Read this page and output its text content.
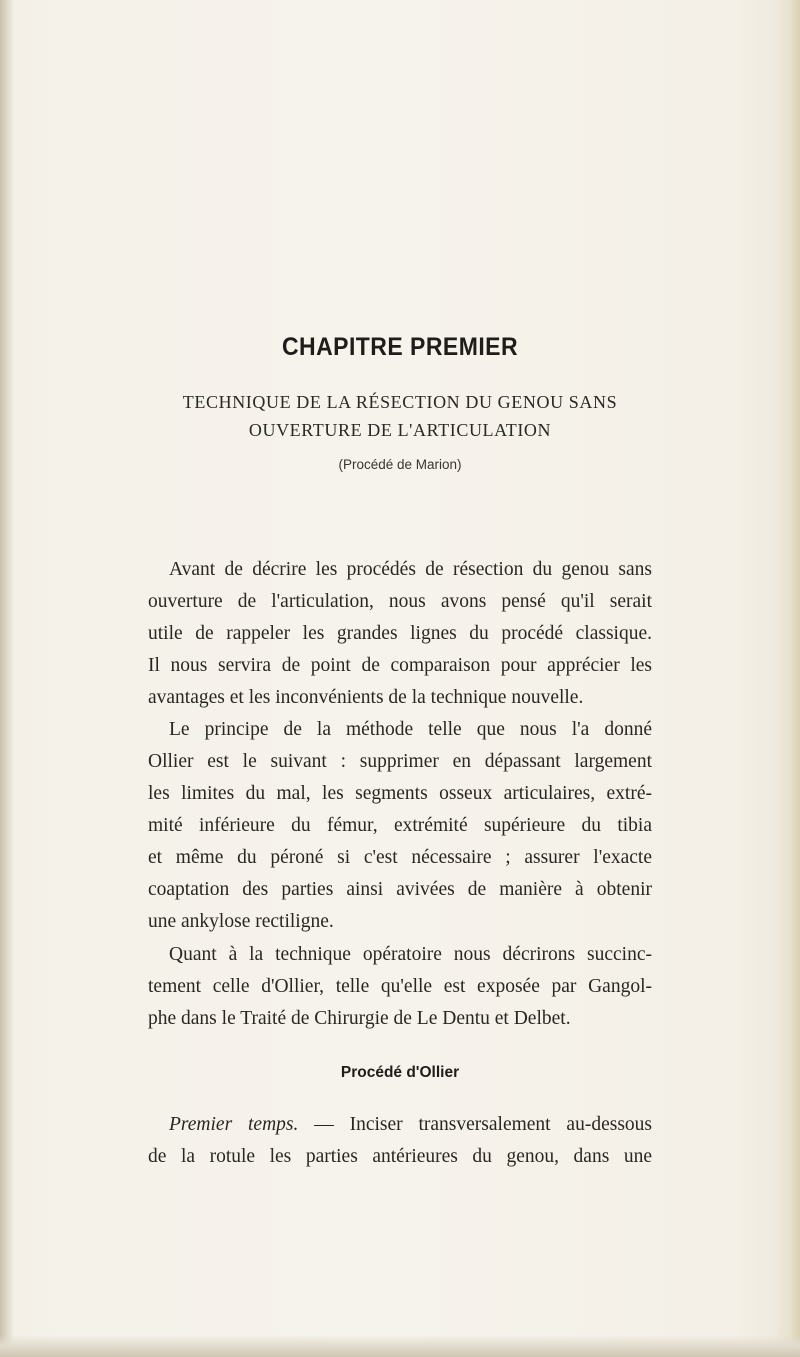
CHAPITRE PREMIER
TECHNIQUE DE LA RÉSECTION DU GENOU SANS
OUVERTURE DE L'ARTICULATION
(Procédé de Marion)
Avant de décrire les procédés de résection du genou sans
ouverture de l'articulation, nous avons pensé qu'il serait
utile de rappeler les grandes lignes du procédé classique.
Il nous servira de point de comparaison pour apprécier les
avantages et les inconvénients de la technique nouvelle.
Le principe de la méthode telle que nous l'a donné
Ollier est le suivant : supprimer en dépassant largement
les limites du mal, les segments osseux articulaires, extré-
mité inférieure du fémur, extrémité supérieure du tibia
et même du péroné si c'est nécessaire ; assurer l'exacte
coaptation des parties ainsi avivées de manière à obtenir
une ankylose rectiligne.
Quant à la technique opératoire nous décrirons succinc-
tement celle d'Ollier, telle qu'elle est exposée par Gangol-
phe dans le Traité de Chirurgie de Le Dentu et Delbet.
Procédé d'Ollier
Premier temps. — Inciser transversalement au-dessous
de la rotule les parties antérieures du genou, dans une
